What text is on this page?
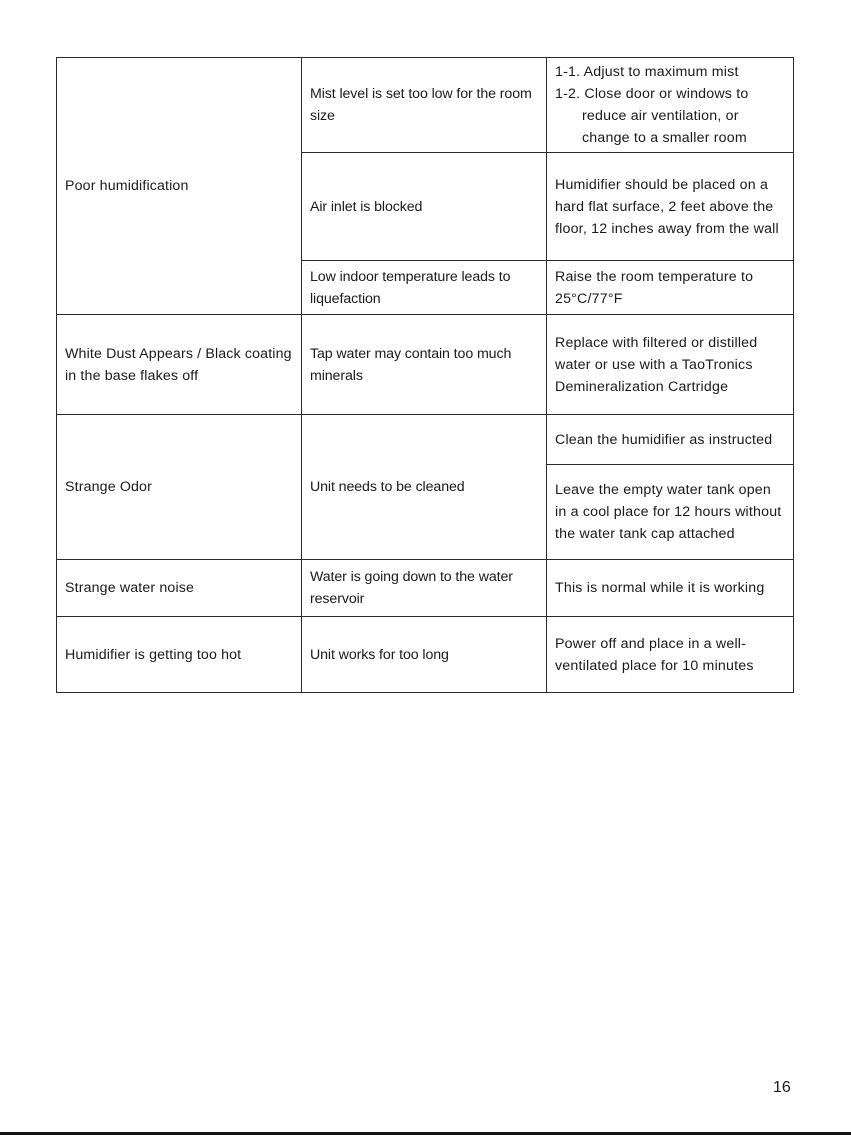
Poor humidification	Mist level is set too low for the room size	1-1. Adjust to maximum mist
1-2. Close door or windows to
reduce air ventilation, or
change to a smaller room

	Air inlet is blocked	Humidifier should be placed on a hard flat surface, 2 feet above the floor, 12 inches away from the wall
	Low indoor temperature leads to liquefaction	Raise the room temperature to 25°C/77°F
White Dust Appears / Black coating in the base flakes off	Tap water may contain too much minerals	Replace with filtered or distilled water or use with a TaoTronics Demineralization Cartridge
Strange Odor	Unit needs to be cleaned	Clean the humidifier as instructed
		Leave the empty water tank open in a cool place for 12 hours without the water tank cap attached
Strange water noise	Water is going down to the water reservoir	This is normal while it is working
Humidifier is getting too hot	Unit works for too long	Power off and place in a well-ventilated place for 10 minutes
16
